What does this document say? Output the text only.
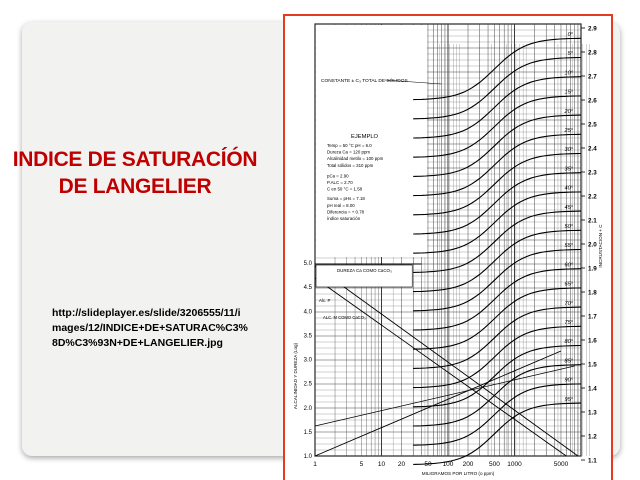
INDICE DE SATURACÍÓN DE LANGELIER
http://slideplayer.es/slide/3206555/11/images/12/INDICE+DE+SATURAC%C3%8D%C3%93N+DE+LANGELIER.jpg
1	5 10 20	50 100 200 500 1000	5000
MILIGRAMOS POR LITRO (o ppm)
5.0
4.5
4.0
3.5
3.0
2.5
2.0
1.5
1.0
ALCALINIDAD Y DUREZA (Log)
2.9
2.8
2.7
2.6
2.5
2.4
2.3
2.2
2.1
2.0
1.9
1.8
1.7
1.6
1.5
1.4
1.3
1.2
1.1
INCRUSTACION + C
0°
5°
10°
15°
20°
25°
30°
35°
40°
45°
50°
55°
60°
65°
70°
75°
80°
85°
90°
95°
CONSTANTE ± C₃ TOTAL DE SÓLIDOS
EJEMPLO
Temp = 50 °C pH = 6.0
Dureza Ca = 120 ppm
Alcalinidad metilo = 100 ppm
Total sólidos = 310 ppm
pCa = 2.90
P.ALC = 2.70
C en 50 °C = 1.58
Suma = pHs = 7.18
pH real = 8.00
Diferencia = + 0.78
índice saturación
DUREZA Ca COMO CaCO₃
Alc. P
ALC. M COMO CaCO₃
